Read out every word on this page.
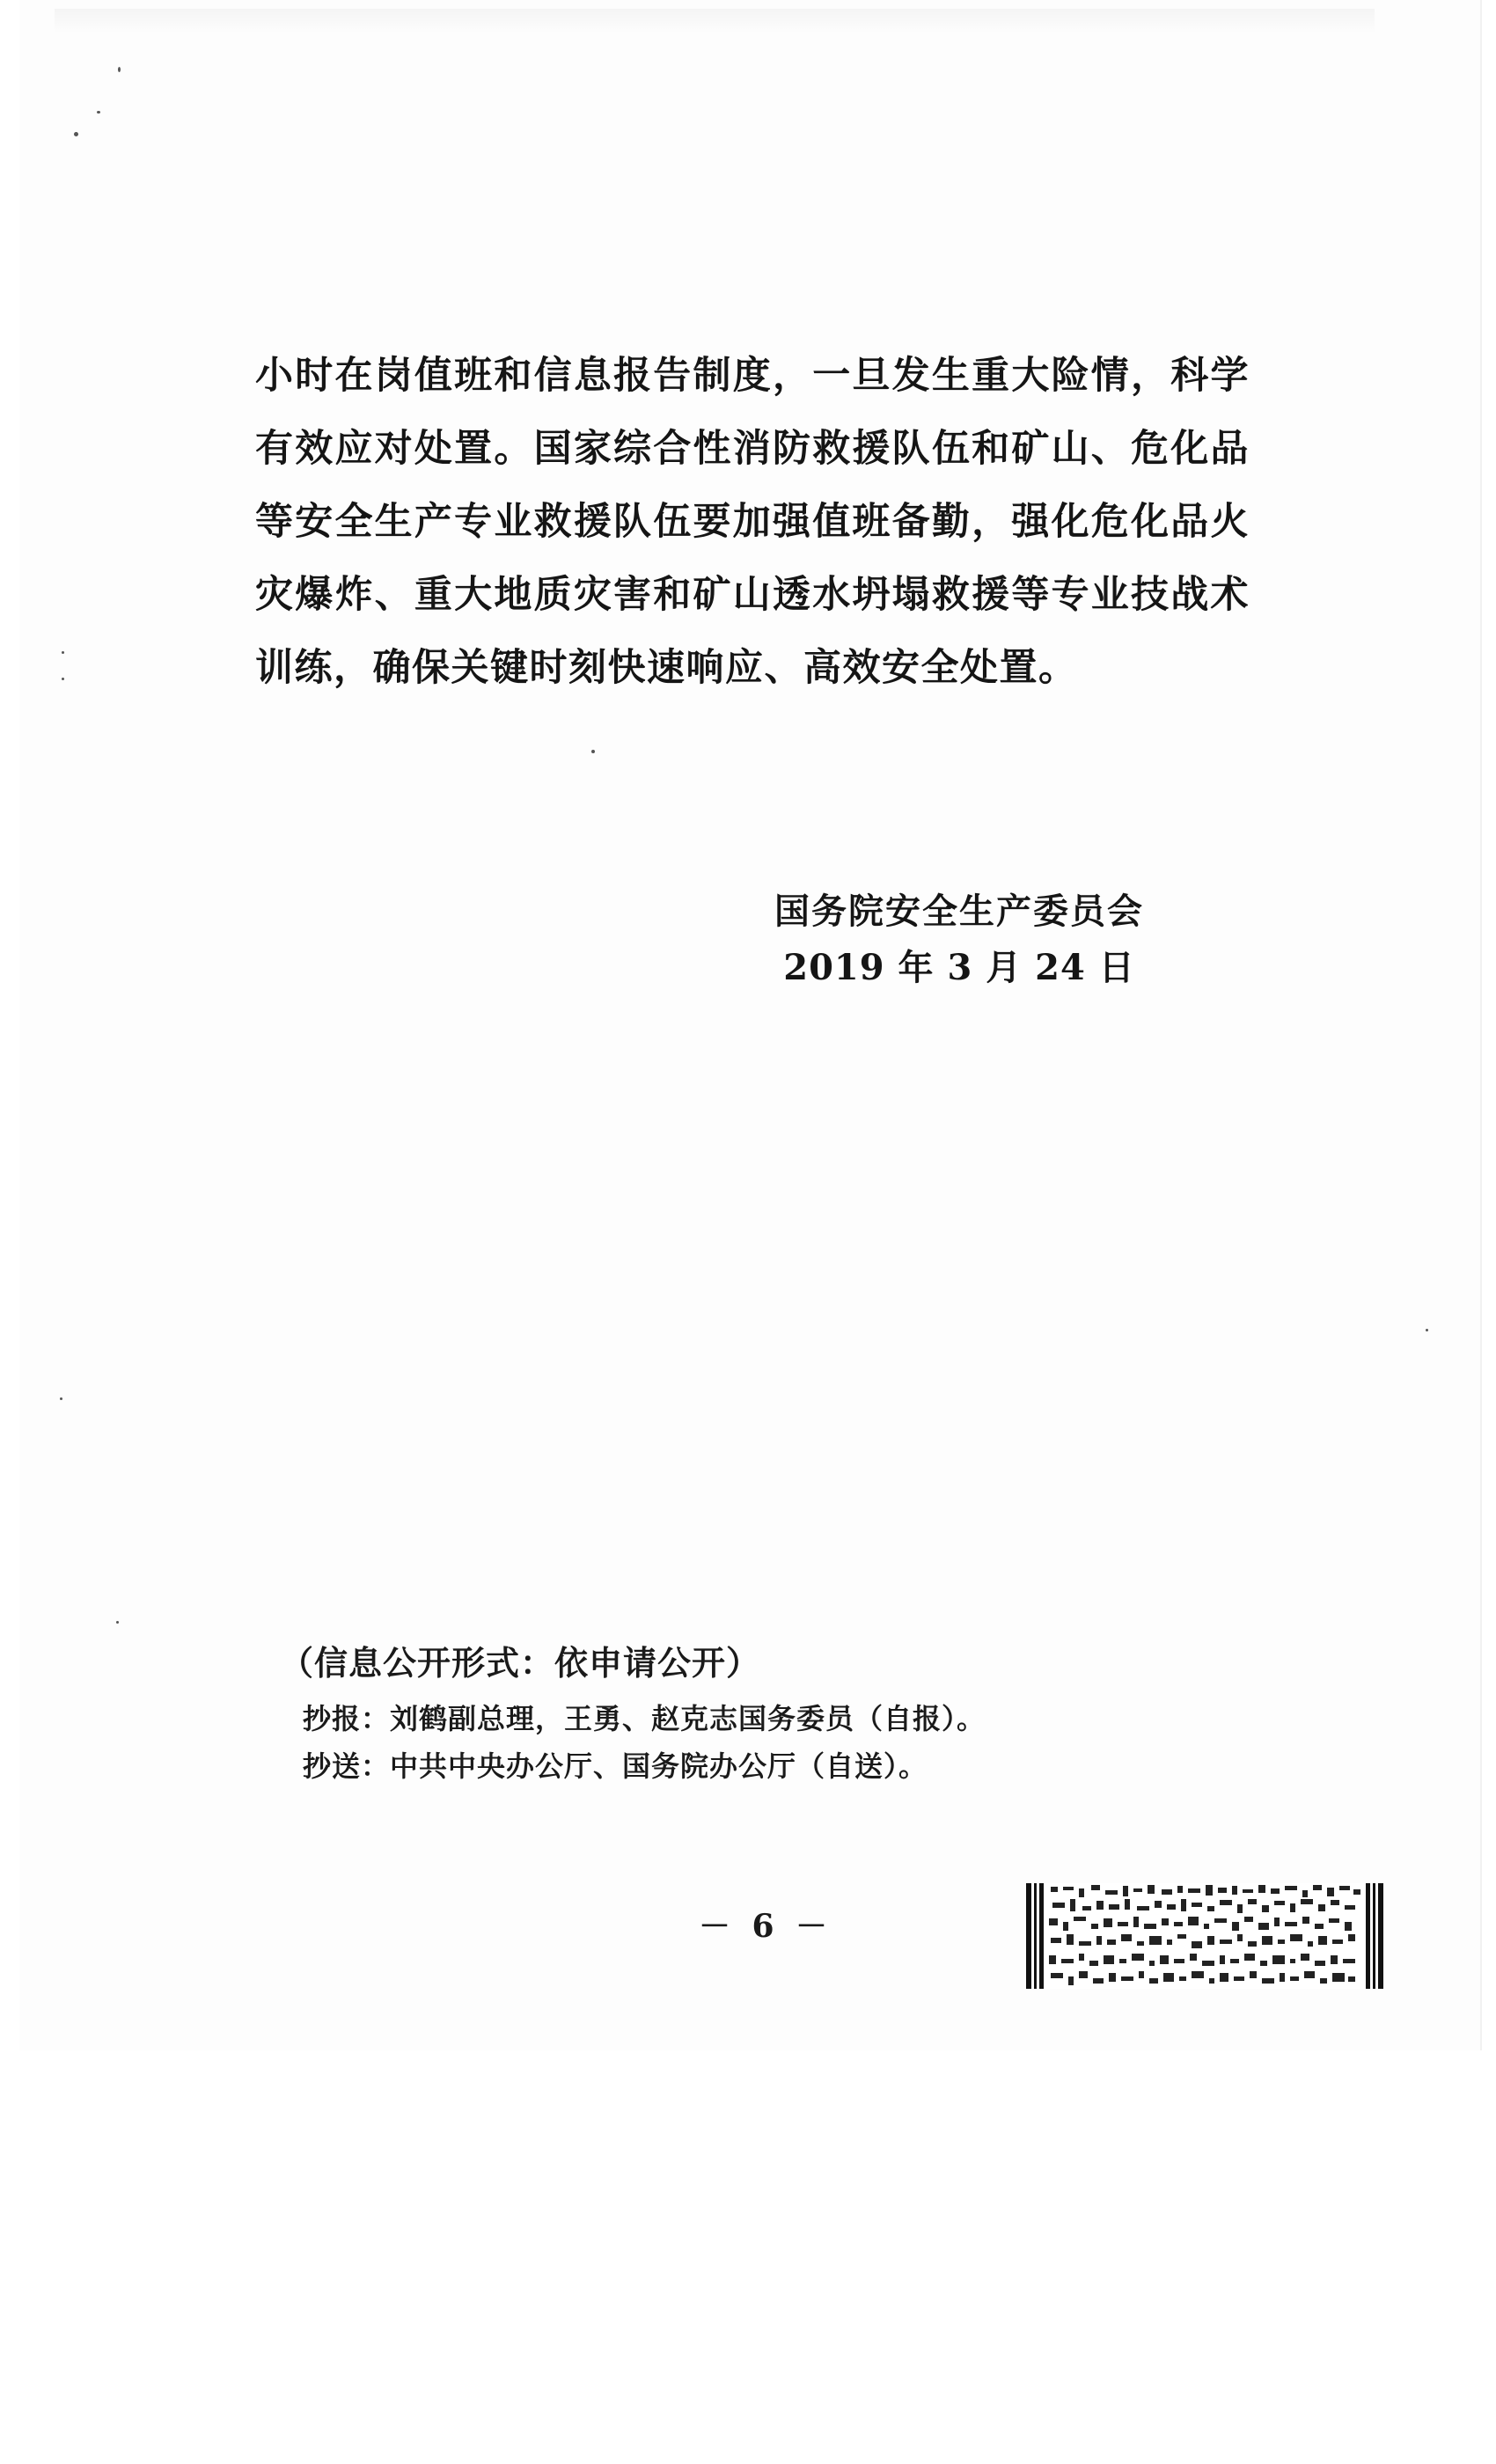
小时在岗值班和信息报告制度，一旦发生重大险情，科学有效应对处置。国家综合性消防救援队伍和矿山、危化品等安全生产专业救援队伍要加强值班备勤，强化危化品火灾爆炸、重大地质灾害和矿山透水坍塌救援等专业技战术训练，确保关键时刻快速响应、高效安全处置。

国务院安全生产委员会
2019 年 3 月 24 日
（信息公开形式：依申请公开）
抄报：刘鹤副总理，王勇、赵克志国务委员（自报）。
抄送：中共中央办公厅、国务院办公厅（自送）。
－ 6 －
